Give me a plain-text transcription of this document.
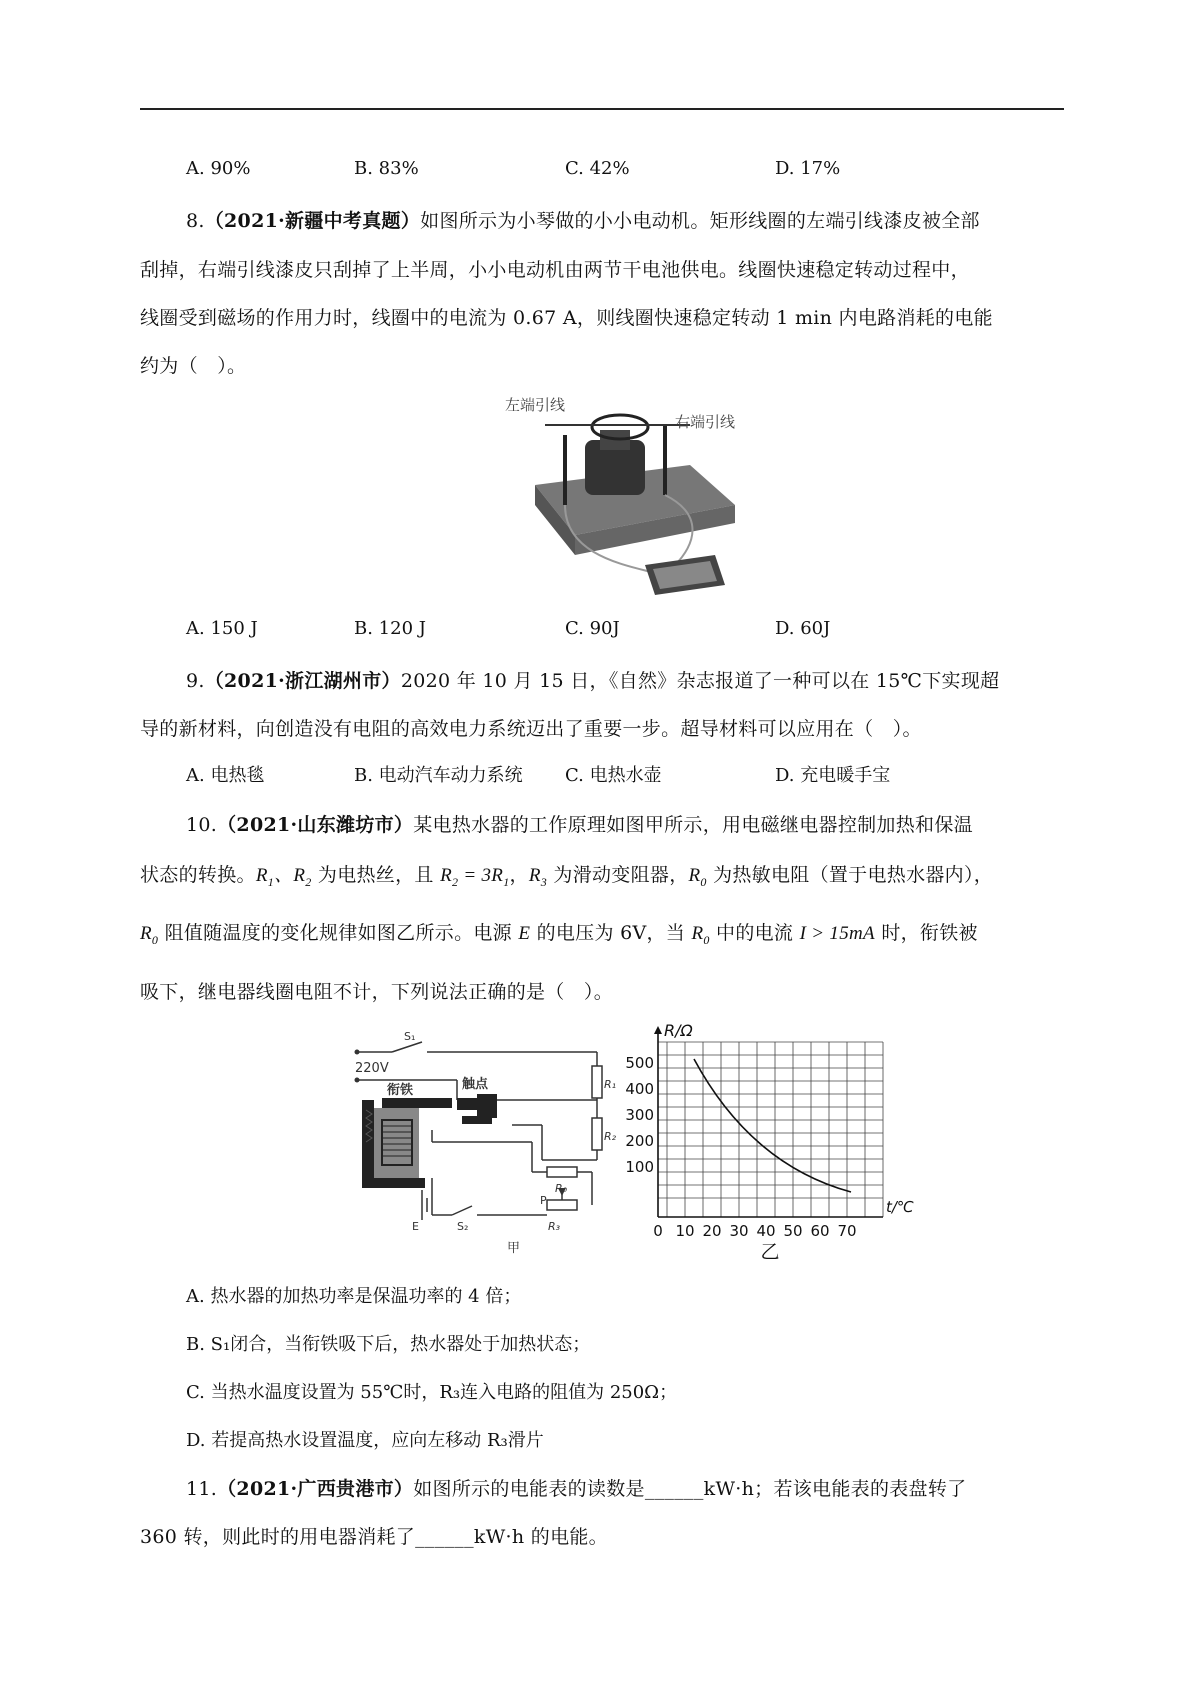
A. 90%	B. 83%	C. 42%	D. 17%
8.（2021·新疆中考真题）如图所示为小琴做的小小电动机。矩形线圈的左端引线漆皮被全部
刮掉，右端引线漆皮只刮掉了上半周，小小电动机由两节干电池供电。线圈快速稳定转动过程中，
线圈受到磁场的作用力时，线圈中的电流为 0.67 A，则线圈快速稳定转动 1 min 内电路消耗的电能
约为（　）。
左端引线
右端引线
A. 150 J	B. 120 J	C. 90J	D. 60J
9.（2021·浙江湖州市）2020 年 10 月 15 日，《自然》杂志报道了一种可以在 15℃下实现超
导的新材料，向创造没有电阻的高效电力系统迈出了重要一步。超导材料可以应用在（　）。
A. 电热毯	B. 电动汽车动力系统 C. 电热水壶	D. 充电暖手宝
10.（2021·山东潍坊市）某电热水器的工作原理如图甲所示，用电磁继电器控制加热和保温
状态的转换。$R_1$、$R_2$ 为电热丝，且 $R_2 = 3R_1$，$R_3$ 为滑动变阻器，$R_0$ 为热敏电阻（置于电热水器内），
$R_0$ 阻值随温度的变化规律如图乙所示。电源 E 的电压为 6V，当 $R_0$ 中的电流 I > 15mA 时，衔铁被
吸下，继电器线圈电阻不计，下列说法正确的是（　）。
S₁
220V
衔铁	触点	R₁
R₂
R₀
R₃
P
S₂
E
甲
R/Ω
t/℃
500
400
300
200
100
0 10 20 30 40 50 60 70
乙
A. 热水器的加热功率是保温功率的 4 倍；
B. S₁闭合，当衔铁吸下后，热水器处于加热状态；
C. 当热水温度设置为 55℃时，R₃连入电路的阻值为 250Ω；
D. 若提高热水设置温度，应向左移动 R₃滑片
11.（2021·广西贵港市）如图所示的电能表的读数是______kW·h；若该电能表的表盘转了
360 转，则此时的用电器消耗了______kW·h 的电能。
